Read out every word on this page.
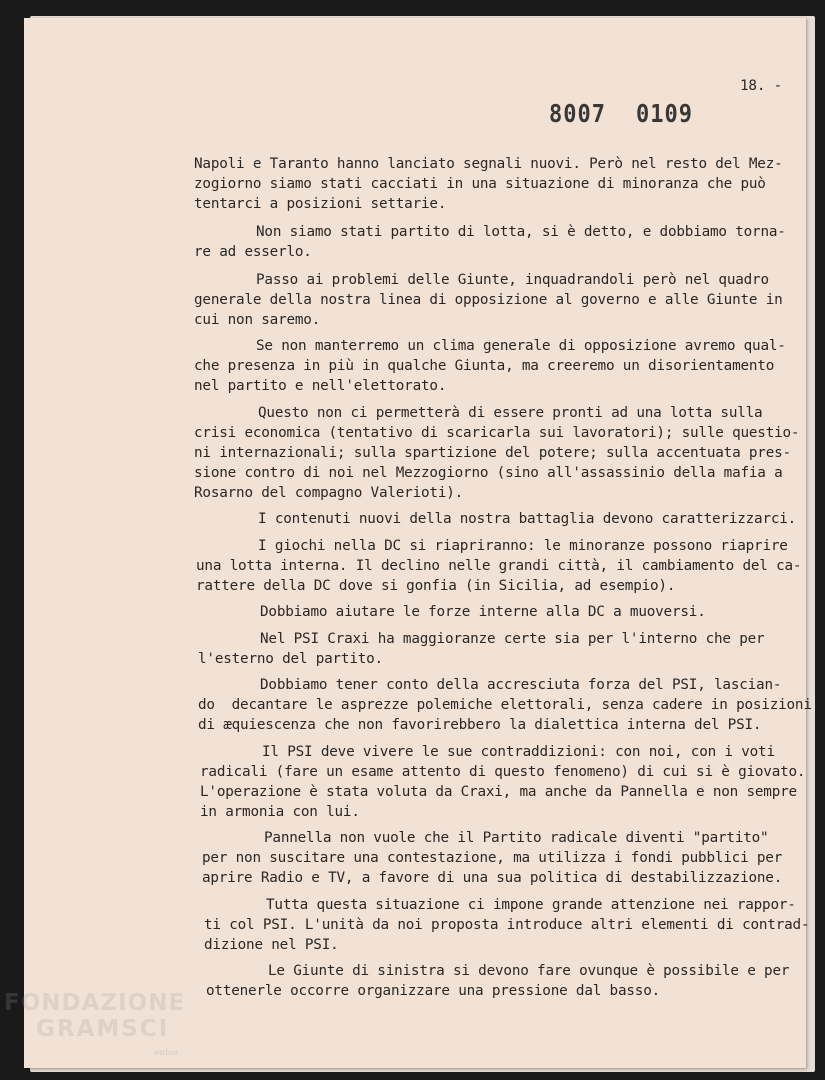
18. -
8007 0109
Napoli e Taranto hanno lanciato segnali nuovi. Però nel resto del Mez-
zogiorno siamo stati cacciati in una situazione di minoranza che può
tentarci a posizioni settarie.
Non siamo stati partito di lotta, si è detto, e dobbiamo torna-
re ad esserlo.
Passo ai problemi delle Giunte, inquadrandoli però nel quadro
generale della nostra linea di opposizione al governo e alle Giunte in
cui non saremo.
Se non manterremo un clima generale di opposizione avremo qual-
che presenza in più in qualche Giunta, ma creeremo un disorientamento
nel partito e nell'elettorato.
Questo non ci permetterà di essere pronti ad una lotta sulla
crisi economica (tentativo di scaricarla sui lavoratori); sulle questio-
ni internazionali; sulla spartizione del potere; sulla accentuata pres-
sione contro di noi nel Mezzogiorno (sino all'assassinio della mafia a
Rosarno del compagno Valerioti).
I contenuti nuovi della nostra battaglia devono caratterizzarci.
I giochi nella DC si riapriranno: le minoranze possono riaprire
una lotta interna. Il declino nelle grandi città, il cambiamento del ca-
rattere della DC dove si gonfia (in Sicilia, ad esempio).
Dobbiamo aiutare le forze interne alla DC a muoversi.
Nel PSI Craxi ha maggioranze certe sia per l'interno che per
l'esterno del partito.
Dobbiamo tener conto della accresciuta forza del PSI, lascian-
do  decantare le asprezze polemiche elettorali, senza cadere in posizioni
di æquiescenza che non favorirebbero la dialettica interna del PSI.
Il PSI deve vivere le sue contraddizioni: con noi, con i voti
radicali (fare un esame attento di questo fenomeno) di cui si è giovato.
L'operazione è stata voluta da Craxi, ma anche da Pannella e non sempre
in armonia con lui.
Pannella non vuole che il Partito radicale diventi "partito"
per non suscitare una contestazione, ma utilizza i fondi pubblici per
aprire Radio e TV, a favore di una sua politica di destabilizzazione.
Tutta questa situazione ci impone grande attenzione nei rappor-
ti col PSI. L'unità da noi proposta introduce altri elementi di contrad-
dizione nel PSI.
Le Giunte di sinistra si devono fare ovunque è possibile e per
ottenerle occorre organizzare una pressione dal basso.
FONDAZIONE
GRAMSCI
onlus
